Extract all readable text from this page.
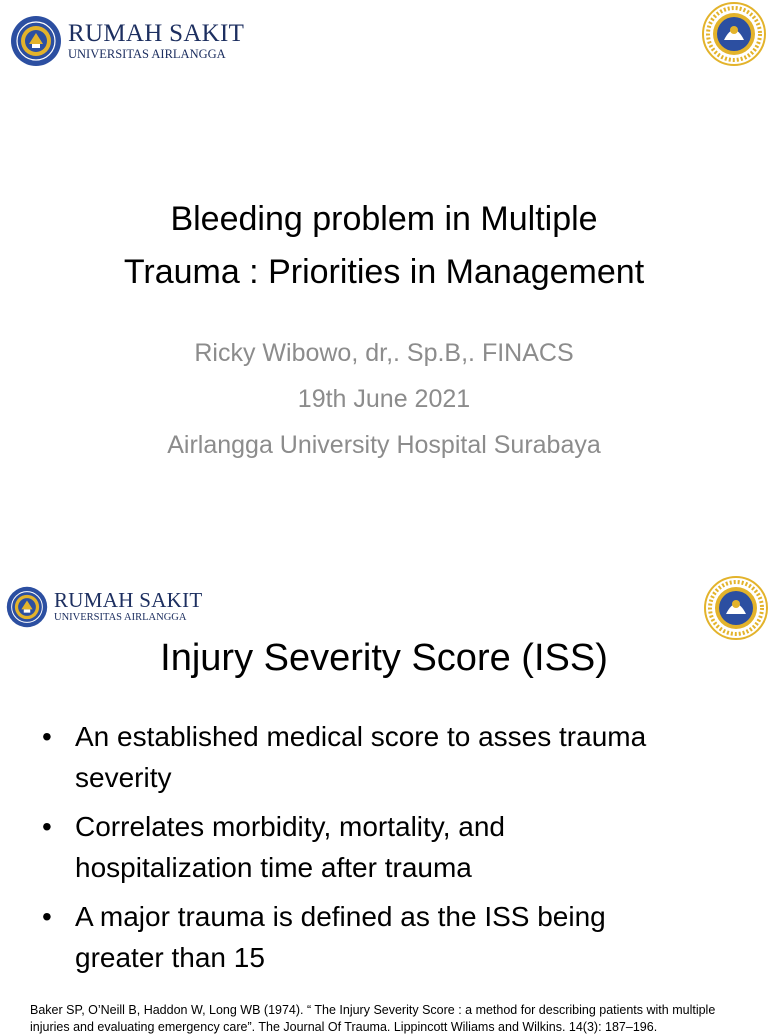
RUMAH SAKIT
UNIVERSITAS AIRLANGGA
Bleeding problem in Multiple
Trauma : Priorities in Management
Ricky Wibowo, dr,. Sp.B,. FINACS
19th June 2021
Airlangga University Hospital Surabaya
RUMAH SAKIT
UNIVERSITAS AIRLANGGA
Injury Severity Score (ISS)
• An established medical score to asses trauma
severity
• Correlates morbidity, mortality, and
hospitalization time after trauma
• A major trauma is defined as the ISS being
greater than 15
Baker SP, O’Neill B, Haddon W, Long WB (1974). “ The Injury Severity Score : a method for describing patients with multiple injuries and evaluating emergency care”. The Journal Of Trauma. Lippincott Wiliams and Wilkins. 14(3): 187–196.
